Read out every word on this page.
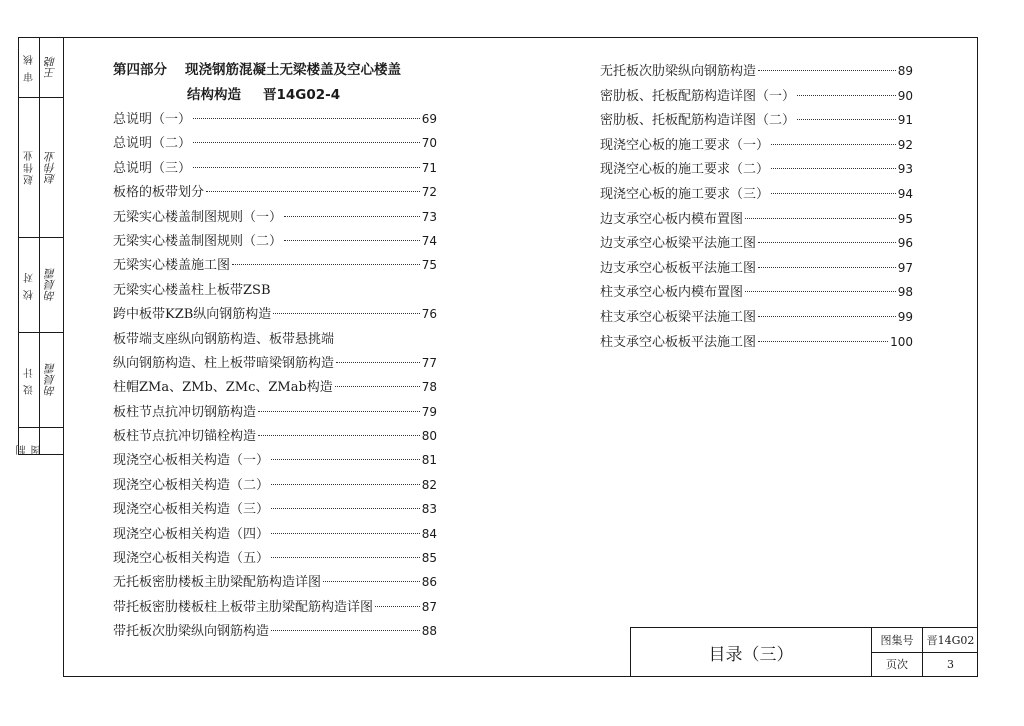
审 核 王晓
赵伟业 赵伟业
校 对 胡晨霞
设 计 胡晨霞
制 图
第四部分 现浇钢筋混凝土无梁楼盖及空心楼盖
结构构造 晋14G02-4
总说明（一）	69
总说明（二）	70
总说明（三）	71
板格的板带划分	72
无梁实心楼盖制图规则（一）	73
无梁实心楼盖制图规则（二）	74
无梁实心楼盖施工图	75
无梁实心楼盖柱上板带ZSB
跨中板带KZB纵向钢筋构造	76
板带端支座纵向钢筋构造、板带悬挑端
纵向钢筋构造、柱上板带暗梁钢筋构造	77
柱帽ZMa、ZMb、ZMc、ZMab构造	78
板柱节点抗冲切钢筋构造	79
板柱节点抗冲切锚栓构造	80
现浇空心板相关构造（一）	81
现浇空心板相关构造（二）	82
现浇空心板相关构造（三）	83
现浇空心板相关构造（四）	84
现浇空心板相关构造（五）	85
无托板密肋楼板主肋梁配筋构造详图	86
带托板密肋楼板柱上板带主肋梁配筋构造详图	87
带托板次肋梁纵向钢筋构造	88
无托板次肋梁纵向钢筋构造	89
密肋板、托板配筋构造详图（一）	90
密肋板、托板配筋构造详图（二）	91
现浇空心板的施工要求（一）	92
现浇空心板的施工要求（二）	93
现浇空心板的施工要求（三）	94
边支承空心板内模布置图	95
边支承空心板梁平法施工图	96
边支承空心板板平法施工图	97
柱支承空心板内模布置图	98
柱支承空心板梁平法施工图	99
柱支承空心板板平法施工图	100
目录（三）
图集号	晋14G02
页次	3
